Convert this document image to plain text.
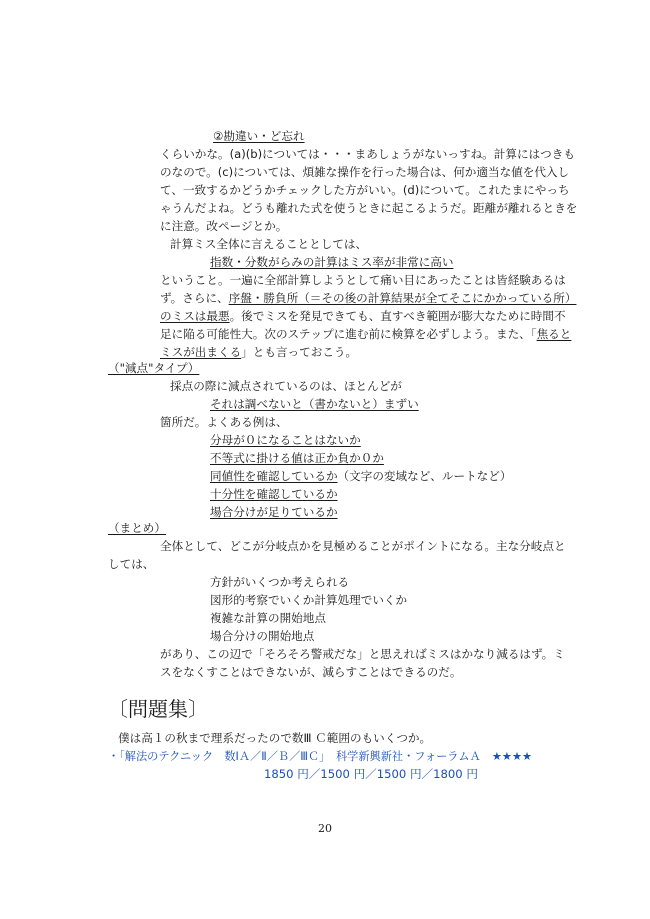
②勘違い・ど忘れ
くらいかな。(a)(b)については・・・まあしょうがないっすね。計算にはつきも
のなので。(c)については、煩雑な操作を行った場合は、何か適当な値を代入し
て、一致するかどうかチェックした方がいい。(d)について。これたまにやっち
ゃうんだよね。どうも離れた式を使うときに起こるようだ。距離が離れるときを
に注意。改ページとか。
計算ミス全体に言えることとしては、
指数・分数がらみの計算はミス率が非常に高い
ということ。一遍に全部計算しようとして痛い目にあったことは皆経験あるは
ず。さらに、序盤・勝負所（＝その後の計算結果が全てそこにかかっている所）
のミスは最悪。後でミスを発見できても、直すべき範囲が膨大なために時間不
足に陥る可能性大。次のステップに進む前に検算を必ずしよう。また、「焦ると
ミスが出まくる」とも言っておこう。
（"減点"タイプ）
採点の際に減点されているのは、ほとんどが
それは調べないと（書かないと）まずい
箇所だ。よくある例は、
分母が０になることはないか
不等式に掛ける値は正か負か０か
同値性を確認しているか（文字の変域など、ルートなど）
十分性を確認しているか
場合分けが足りているか
（まとめ）
全体として、どこが分岐点かを見極めることがポイントになる。主な分岐点と
しては、
方針がいくつか考えられる
図形的考察でいくか計算処理でいくか
複雑な計算の開始地点
場合分けの開始地点
があり、この辺で「そろそろ警戒だな」と思えればミスはかなり減るはず。ミ
スをなくすことはできないが、減らすことはできるのだ。
〔問題集〕
僕は高１の秋まで理系だったので数Ⅲ Ｃ範囲のもいくつか。
・「解法のテクニック　数ⅠＡ／Ⅱ／Ｂ／ⅢＣ」　科学新興新社・フォーラムＡ　★★★★
1850 円／1500 円／1500 円／1800 円
20
